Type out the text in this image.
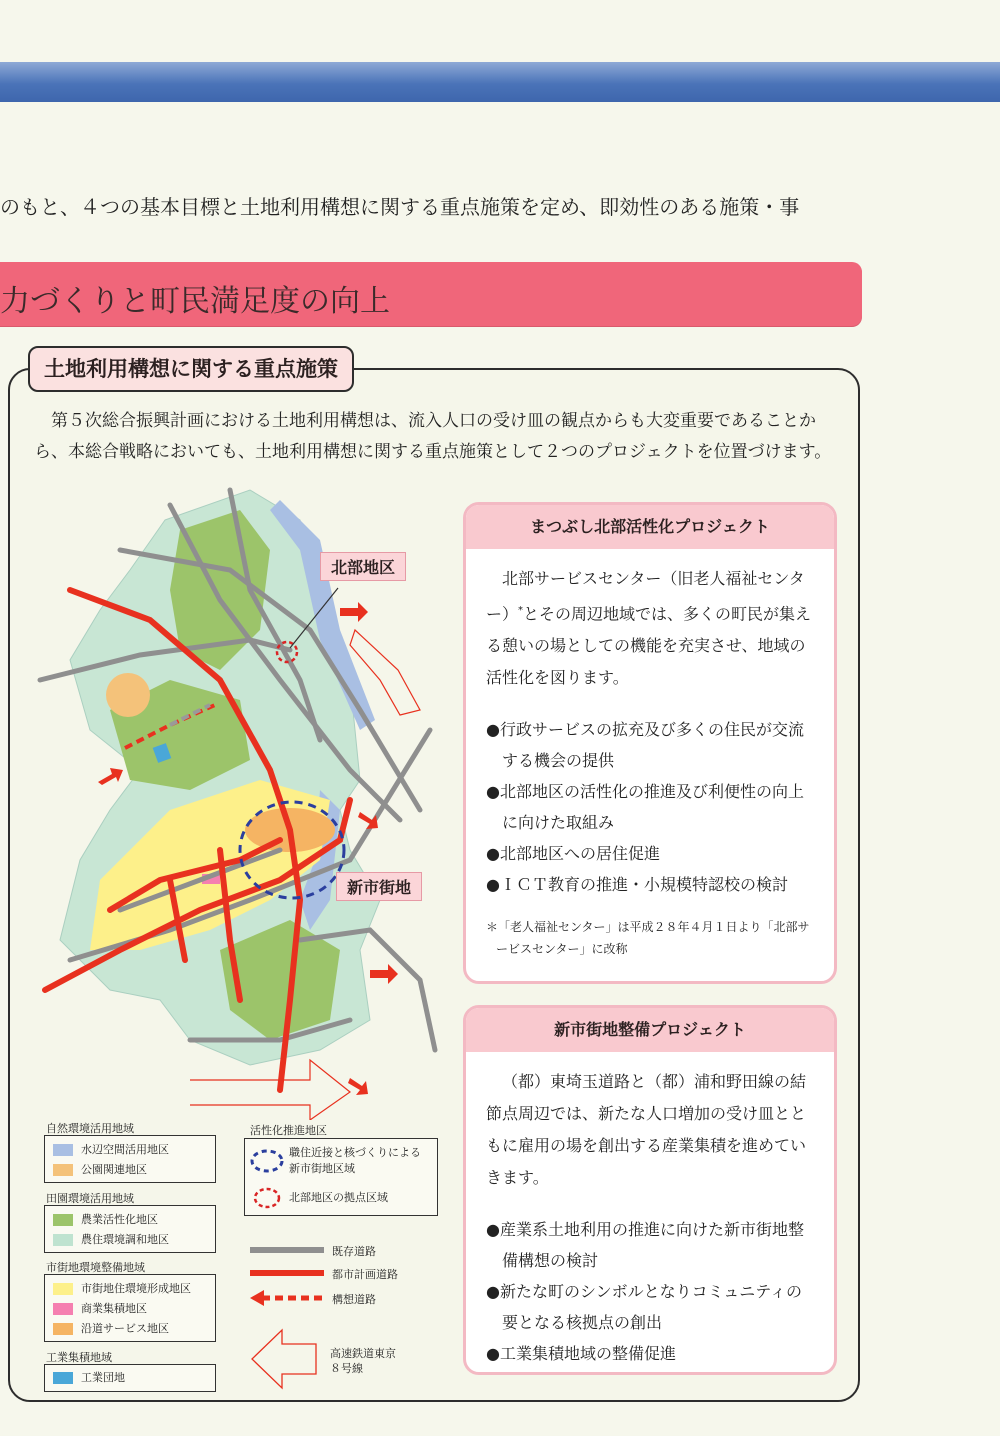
のもと、４つの基本目標と土地利用構想に関する重点施策を定め、即効性のある施策・事
力づくりと町民満足度の向上
土地利用構想に関する重点施策

第５次総合振興計画における土地利用構想は、流入人口の受け皿の観点からも大変重要であることから、本総合戦略においても、土地利用構想に関する重点施策として２つのプロジェクトを位置づけます。

北部地区
新市街地
まつぶし北部活性化プロジェクト

北部サービスセンター（旧老人福祉センター）*とその周辺地域では、多くの町民が集える憩いの場としての機能を充実させ、地域の活性化を図ります。

● 行政サービスの拡充及び多くの住民が交流する機会の提供
● 北部地区の活性化の推進及び利便性の向上に向けた取組み
● 北部地区への居住促進
● ＩＣＴ教育の推進・小規模特認校の検討
＊「老人福祉センター」は平成２８年４月１日より「北部サービスセンター」に改称
新市街地整備プロジェクト

（都）東埼玉道路と（都）浦和野田線の結節点周辺では、新たな人口増加の受け皿とともに雇用の場を創出する産業集積を進めていきます。

● 産業系土地利用の推進に向けた新市街地整備構想の検討
● 新たな町のシンボルとなりコミュニティの要となる核拠点の創出
● 工業集積地域の整備促進
自然環境活用地域
水辺空間活用地区
公園関連地区
田園環境活用地域
農業活性化地区
農住環境調和地区
市街地環境整備地域
市街地住環境形成地区
商業集積地区
沿道サービス地区
工業集積地域
工業団地
活性化推進地区
職住近接と核づくりによる新市街地区域
北部地区の拠点区域
既存道路
都市計画道路
構想道路
高速鉄道東京８号線
